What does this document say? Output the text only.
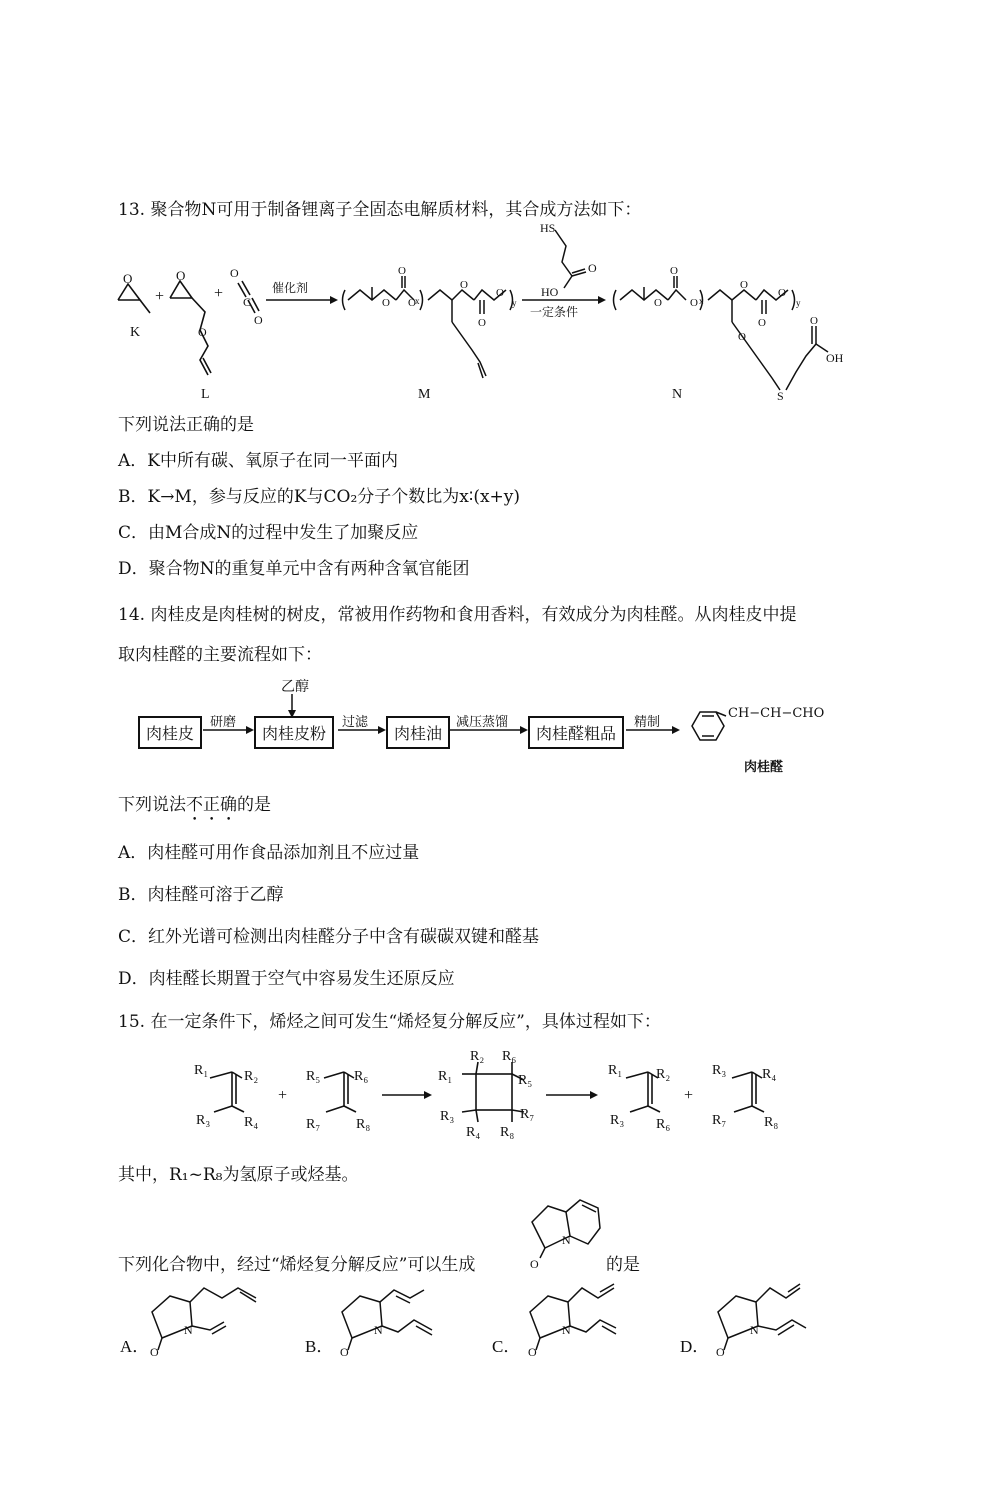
13. 聚合物N可用于制备锂离子全固态电解质材料，其合成方法如下：
O
K
+
O
O
L
+
O
C
O
催化剂
O
O O x
O
O
O
y
M
HS
O
HO
一定条件
O
O	O x
O
O
O
y
O
S
O
OH
N
下列说法正确的是
A．K中所有碳、氧原子在同一平面内
B．K→M，参与反应的K与CO₂分子个数比为x∶(x+y)
C．由M合成N的过程中发生了加聚反应
D．聚合物N的重复单元中含有两种含氧官能团
14. 肉桂皮是肉桂树的树皮，常被用作药物和食用香料，有效成分为肉桂醛。从肉桂皮中提
取肉桂醛的主要流程如下：
乙醇
肉桂皮	肉桂皮粉	肉桂油	肉桂醛粗品
研磨	过滤	减压蒸馏	精制
CH−CH−CHO
肉桂醛
下列说法不正确的是
A．肉桂醛可用作食品添加剂且不应过量
B．肉桂醛可溶于乙醇
C．红外光谱可检测出肉桂醛分子中含有碳碳双键和醛基
D．肉桂醛长期置于空气中容易发生还原反应
15. 在一定条件下，烯烃之间可发生“烯烃复分解反应”，具体过程如下：
R₁	R₂
R₃ R₄
R₅ R₆
R₇	R₈
R₁
R₂ R₆
R₅
R₃
R₄ R₈
R₇
R₁ R₂
R₃ R₆
R₃	R₄
R₇	R₈
+	+
其中，R₁~R₈为氢原子或烃基。
下列化合物中，经过“烯烃复分解反应”可以生成	O
N
的是
A． O
N
B． O
N
C． O
N
D． O
N
